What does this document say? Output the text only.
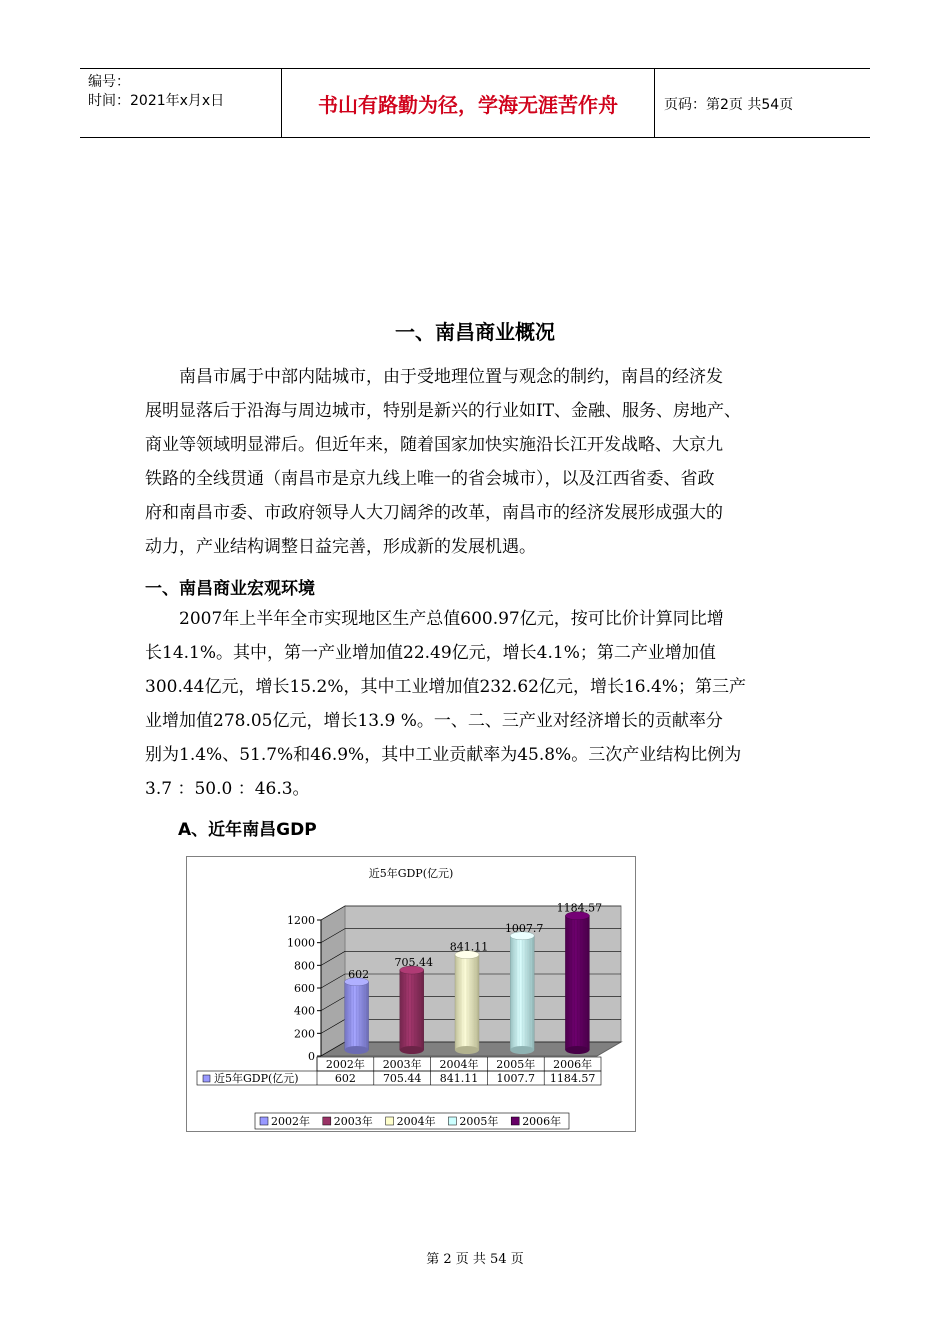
编号：
时间：2021年x月x日	书山有路勤为径，学海无涯苦作舟	页码：第2页 共54页
一、南昌商业概况
　　南昌市属于中部内陆城市，由于受地理位置与观念的制约，南昌的经济发
展明显落后于沿海与周边城市，特别是新兴的行业如IT、金融、服务、房地产、
商业等领域明显滞后。但近年来，随着国家加快实施沿长江开发战略、大京九
铁路的全线贯通（南昌市是京九线上唯一的省会城市），以及江西省委、省政
府和南昌市委、市政府领导人大刀阔斧的改革，南昌市的经济发展形成强大的
动力，产业结构调整日益完善，形成新的发展机遇。
一、南昌商业宏观环境
　　2007年上半年全市实现地区生产总值600.97亿元，按可比价计算同比增
长14.1%。其中，第一产业增加值22.49亿元，增长4.1%；第二产业增加值
300.44亿元，增长15.2%，其中工业增加值232.62亿元，增长16.4%；第三产
业增加值278.05亿元，增长13.9 %。一、二、三产业对经济增长的贡献率分
别为1.4%、51.7%和46.9%，其中工业贡献率为45.8%。三次产业结构比例为
3.7 ：50.0 ：46.3。
A、近年南昌GDP
近5年GDP(亿元)
0
200
400
600
800
1000
1200
602
705.44
841.11
1007.7
1184.57
2002年
602
2003年
705.44
2004年
841.11
2005年
1007.7
2006年
1184.57
近5年GDP(亿元)
2002年 2003年 2004年 2005年 2006年
第 2 页 共 54 页
